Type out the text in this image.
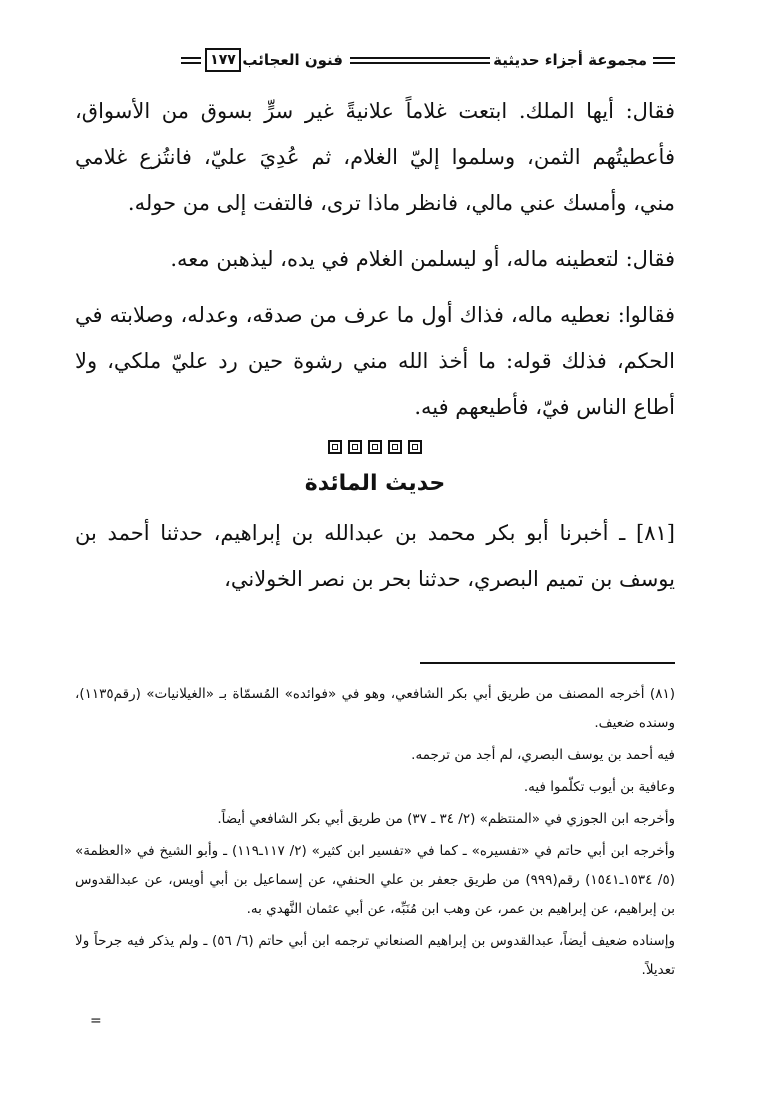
مجموعة أجزاء حديثية
فنون العجائب
١٧٧

فقال: أيها الملك. ابتعت غلاماً علانيةً غير سرٍّ بسوق من الأسواق، فأعطيتُهم الثمن، وسلموا إليّ الغلام، ثم عُدِيَ عليّ، فانتُزع غلامي مني، وأمسك عني مالي، فانظر ماذا ترى، فالتفت إلى من حوله.

فقال: لتعطينه ماله، أو ليسلمن الغلام في يده، ليذهبن معه.

فقالوا: نعطيه ماله، فذاك أول ما عرف من صدقه، وعدله، وصلابته في الحكم، فذلك قوله: ما أخذ الله مني رشوة حين رد عليّ ملكي، ولا أطاع الناس فيّ، فأطيعهم فيه.

حديث المائدة

[٨١] ـ أخبرنا أبو بكر محمد بن عبدالله بن إبراهيم، حدثنا أحمد بن يوسف بن تميم البصري، حدثنا بحر بن نصر الخولاني،

(٨١) أخرجه المصنف من طريق أبي بكر الشافعي، وهو في «فوائده» المُسمّاة بـ «الغيلانيات» (رقم١١٣٥)، وسنده ضعيف.

فيه أحمد بن يوسف البصري، لم أجد من ترجمه.

وعافية بن أيوب تكلّموا فيه.

وأخرجه ابن الجوزي في «المنتظم» (٢/ ٣٤ ـ ٣٧) من طريق أبي بكر الشافعي أيضاً.

وأخرجه ابن أبي حاتم في «تفسيره» ـ كما في «تفسير ابن كثير» (٢/ ١١٧ـ١١٩) ـ وأبو الشيخ في «العظمة» (٥/ ١٥٣٤ـ١٥٤١) رقم(٩٩٩) من طريق جعفر بن علي الحنفي، عن إسماعيل بن أبي أويس، عن عبدالقدوس بن إبراهيم، عن إبراهيم بن عمر، عن وهب ابن مُنَبِّه، عن أبي عثمان النَّهدي به.

وإسناده ضعيف أيضاً، عبدالقدوس بن إبراهيم الصنعاني ترجمه ابن أبي حاتم (٦/ ٥٦) ـ ولم يذكر فيه جرحاً ولا تعديلاً.

=
